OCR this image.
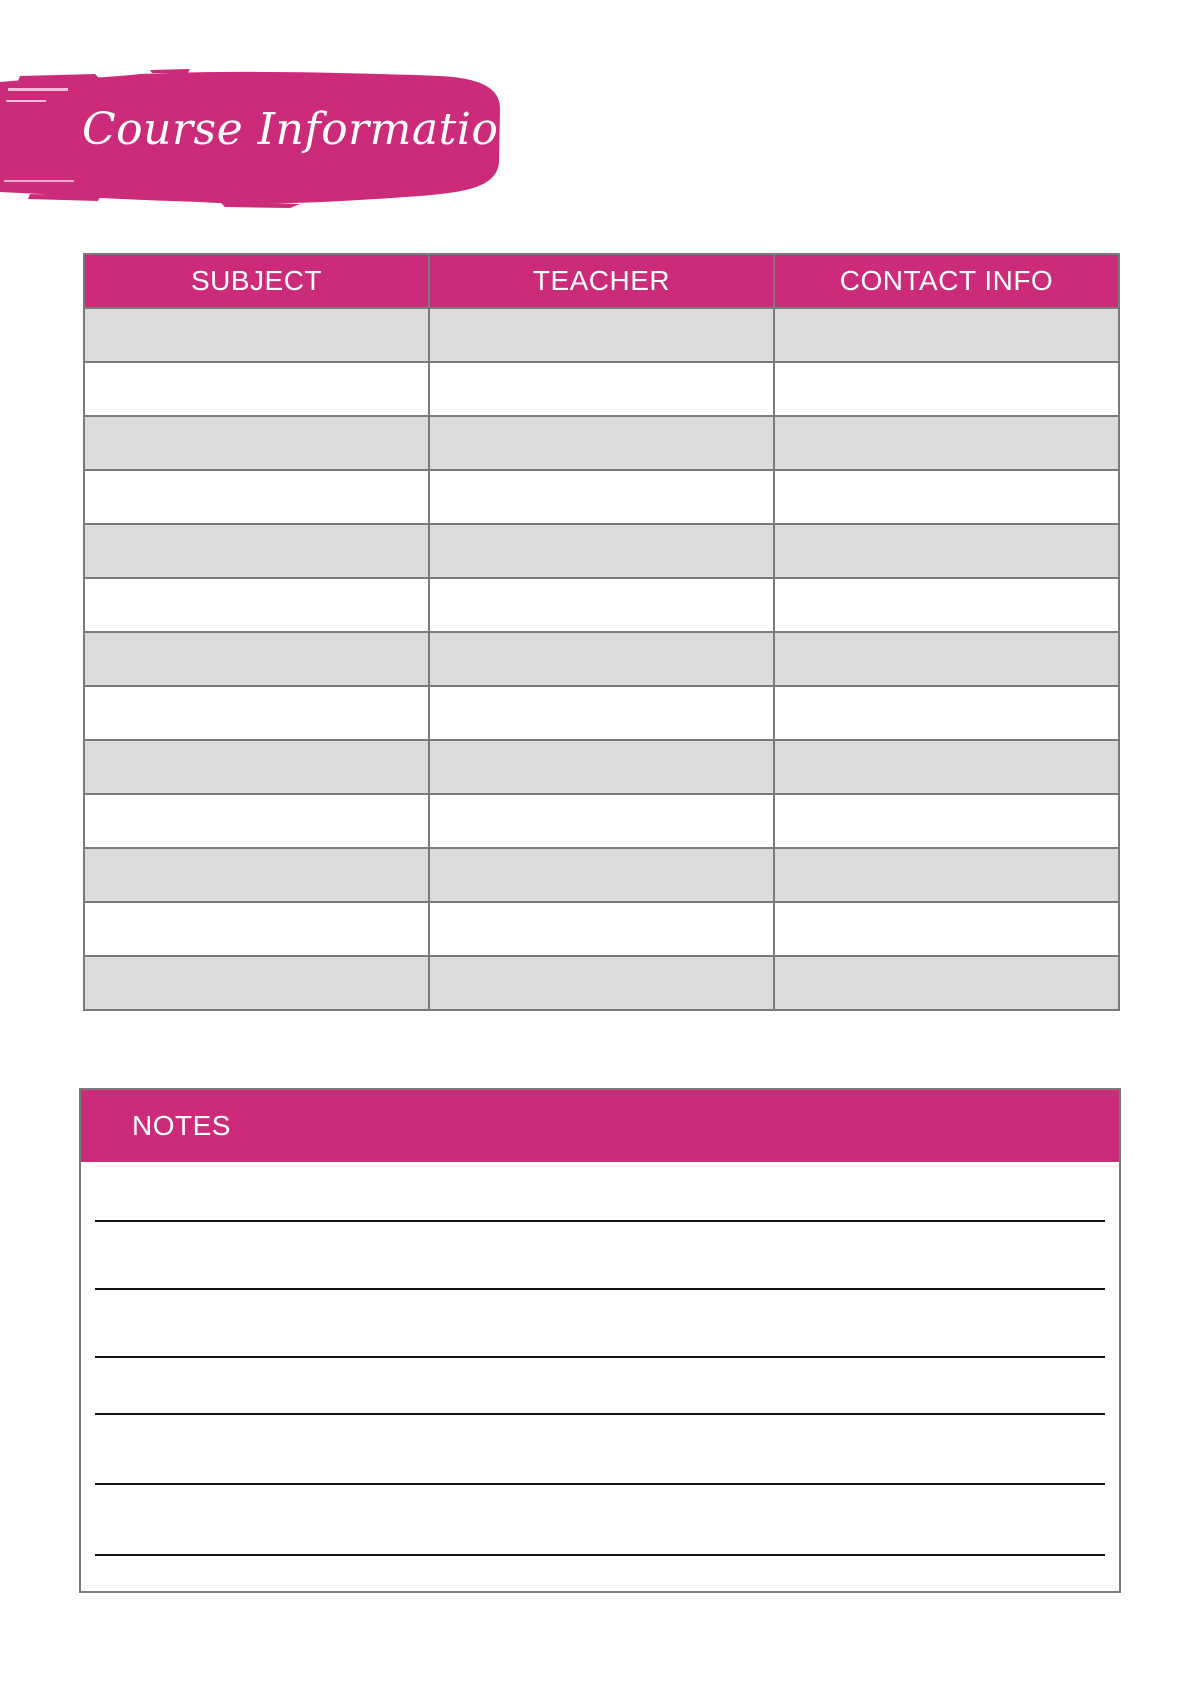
Course Information
SUBJECT	TEACHER	CONTACT INFO

NOTES
